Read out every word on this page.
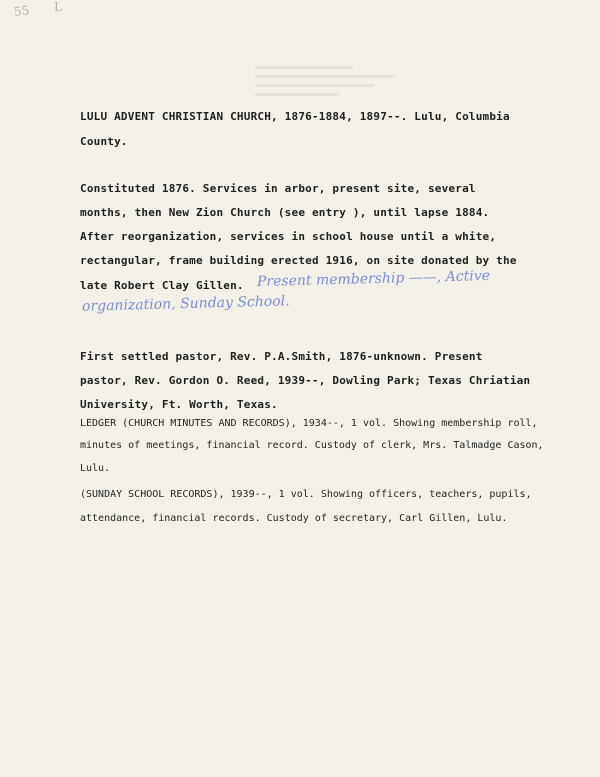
55 L
LULU ADVENT CHRISTIAN CHURCH, 1876-1884, 1897--. Lulu, Columbia
County.
Constituted 1876. Services in arbor, present site, several
months, then New Zion Church (see entry ), until lapse 1884.
After reorganization, services in school house until a white,
rectangular, frame building erected 1916, on site donated by the
late Robert Clay Gillen. Present membership ——, Active
organization, Sunday School.
First settled pastor, Rev. P.A.Smith, 1876-unknown. Present
pastor, Rev. Gordon O. Reed, 1939--, Dowling Park; Texas Chriatian
University, Ft. Worth, Texas.
LEDGER (CHURCH MINUTES AND RECORDS), 1934--, 1 vol. Showing membership roll,
minutes of meetings, financial record. Custody of clerk, Mrs. Talmadge Cason,
Lulu.
(SUNDAY SCHOOL RECORDS), 1939--, 1 vol. Showing officers, teachers, pupils,
attendance, financial records. Custody of secretary, Carl Gillen, Lulu.
